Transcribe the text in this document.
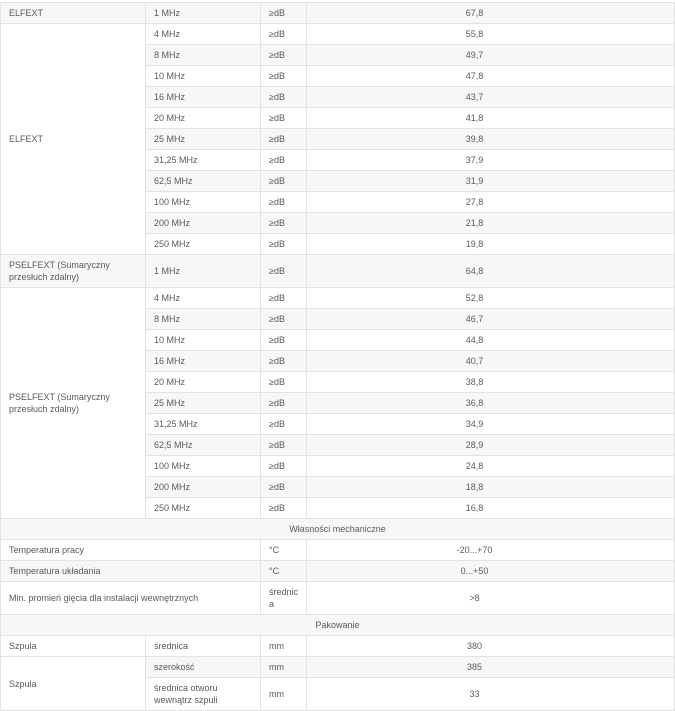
ELFEXT	1 MHz	≥dB	67,8
ELFEXT	4 MHz	≥dB	55,8
	8 MHz	≥dB	49,7
	10 MHz	≥dB	47,8
	16 MHz	≥dB	43,7
	20 MHz	≥dB	41,8
	25 MHz	≥dB	39,8
	31,25 MHz	≥dB	37,9
	62,5 MHz	≥dB	31,9
	100 MHz	≥dB	27,8
	200 MHz	≥dB	21,8
	250 MHz	≥dB	19,8
PSELFEXT (Sumaryczny przesłuch zdalny)	1 MHz	≥dB	64,8
PSELFEXT (Sumaryczny przesłuch zdalny)	4 MHz	≥dB	52,8
	8 MHz	≥dB	46,7
	10 MHz	≥dB	44,8
	16 MHz	≥dB	40,7
	20 MHz	≥dB	38,8
	25 MHz	≥dB	36,8
	31,25 MHz	≥dB	34,9
	62,5 MHz	≥dB	28,9
	100 MHz	≥dB	24,8
	200 MHz	≥dB	18,8
	250 MHz	≥dB	16,8
Własności mechaniczne			
Temperatura pracy		°C	-20...+70
Temperatura układania		°C	0...+50
Min. promień gięcia dla instalacji wewnętrznych		średnica	>8
Pakowanie			
Szpula	średnica	mm	380
Szpula	szerokość	mm	385
	średnica otworu wewnątrz szpuli	mm	33
